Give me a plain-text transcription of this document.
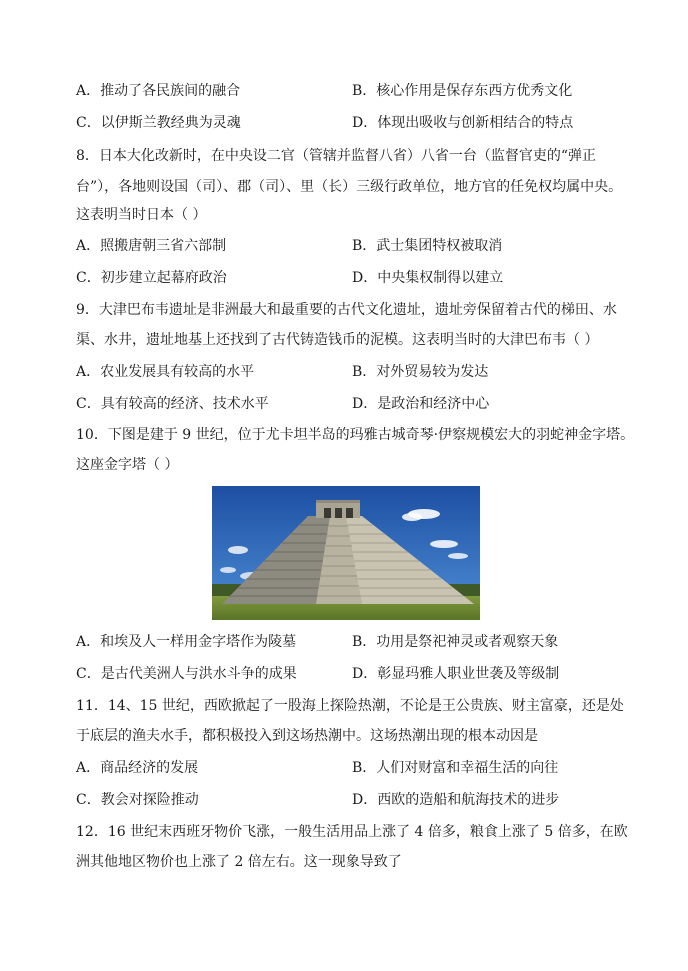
A．推动了各民族间的融合	B．核心作用是保存东西方优秀文化
C．以伊斯兰教经典为灵魂	D．体现出吸收与创新相结合的特点
8．日本大化改新时，在中央设二官（管辖并监督八省）八省一台（监督官吏的“弹正
台”），各地则设国（司）、郡（司）、里（长）三级行政单位，地方官的任免权均属中央。
这表明当时日本（ ）
A．照搬唐朝三省六部制	B．武士集团特权被取消
C．初步建立起幕府政治	D．中央集权制得以建立
9．大津巴布韦遗址是非洲最大和最重要的古代文化遗址，遗址旁保留着古代的梯田、水
渠、水井，遗址地基上还找到了古代铸造钱币的泥模。这表明当时的大津巴布韦（ ）
A．农业发展具有较高的水平	B．对外贸易较为发达
C．具有较高的经济、技术水平	D．是政治和经济中心
10．下图是建于 9 世纪，位于尤卡坦半岛的玛雅古城奇琴·伊察规模宏大的羽蛇神金字塔。
这座金字塔（ ）
A．和埃及人一样用金字塔作为陵墓	B．功用是祭祀神灵或者观察天象
C．是古代美洲人与洪水斗争的成果	D．彰显玛雅人职业世袭及等级制
11．14、15 世纪，西欧掀起了一股海上探险热潮，不论是王公贵族、财主富豪，还是处
于底层的渔夫水手，都积极投入到这场热潮中。这场热潮出现的根本动因是
A．商品经济的发展	B．人们对财富和幸福生活的向往
C．教会对探险推动	D．西欧的造船和航海技术的进步
12．16 世纪末西班牙物价飞涨，一般生活用品上涨了 4 倍多，粮食上涨了 5 倍多，在欧
洲其他地区物价也上涨了 2 倍左右。这一现象导致了
